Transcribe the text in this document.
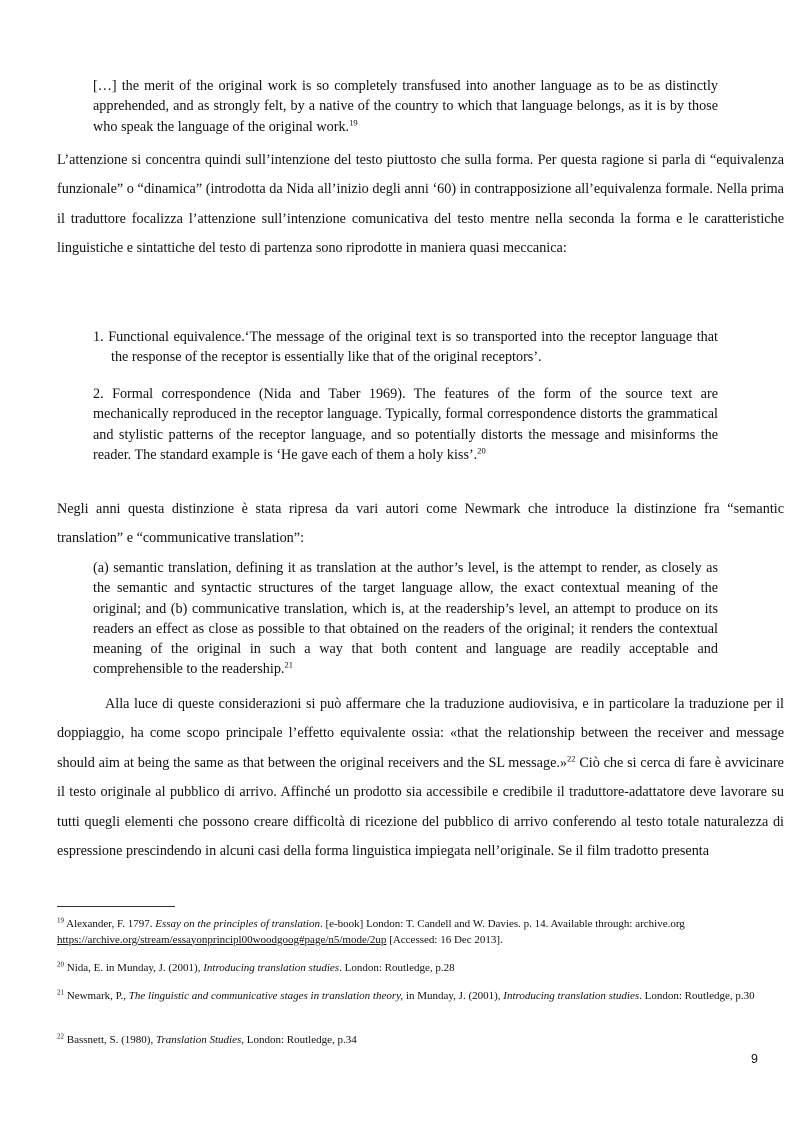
[…] the merit of the original work is so completely transfused into another language as to be as distinctly apprehended, and as strongly felt, by a native of the country to which that language belongs, as it is by those who speak the language of the original work.$^{19}$

L’attenzione si concentra quindi sull’intenzione del testo piuttosto che sulla forma. Per questa ragione si parla di “equivalenza funzionale” o “dinamica” (introdotta da Nida all’inizio degli anni ‘60) in contrapposizione all’equivalenza formale. Nella prima il traduttore focalizza l’attenzione sull’intenzione comunicativa del testo mentre nella seconda la forma e le caratteristiche linguistiche e sintattiche del testo di partenza sono riprodotte in maniera quasi meccanica:

1. Functional equivalence.‘The message of the original text is so transported into the receptor language that the response of the receptor is essentially like that of the original receptors’.

2. Formal correspondence (Nida and Taber 1969). The features of the form of the source text are mechanically reproduced in the receptor language. Typically, formal correspondence distorts the grammatical and stylistic patterns of the receptor language, and so potentially distorts the message and misinforms the reader. The standard example is ‘He gave each of them a holy kiss’.$^{20}$

Negli anni questa distinzione è stata ripresa da vari autori come Newmark che introduce la distinzione fra “semantic translation” e “communicative translation”:

(a) semantic translation, defining it as translation at the author’s level, is the attempt to render, as closely as the semantic and syntactic structures of the target language allow, the exact contextual meaning of the original; and (b) communicative translation, which is, at the readership’s level, an attempt to produce on its readers an effect as close as possible to that obtained on the readers of the original; it renders the contextual meaning of the original in such a way that both content and language are readily acceptable and comprehensible to the readership.$^{21}$

Alla luce di queste considerazioni si può affermare che la traduzione audiovisiva, e in particolare la traduzione per il doppiaggio, ha come scopo principale l’effetto equivalente ossia: «that the relationship between the receiver and message should aim at being the same as that between the original receivers and the SL message.»$^{22}$ Ciò che si cerca di fare è avvicinare il testo originale al pubblico di arrivo. Affinché un prodotto sia accessibile e credibile il traduttore-adattatore deve lavorare su tutti quegli elementi che possono creare difficoltà di ricezione del pubblico di arrivo conferendo al testo totale naturalezza di espressione prescindendo in alcuni casi della forma linguistica impiegata nell’originale. Se il film tradotto presenta

$^{19}$ Alexander, F. 1797. Essay on the principles of translation. [e-book] London: T. Candell and W. Davies. p. 14. Available through: archive.org https://archive.org/stream/essayonprincipl00woodgoog#page/n5/mode/2up [Accessed: 16 Dec 2013].

$^{20}$ Nida, E. in Munday, J. (2001), Introducing translation studies. London: Routledge, p.28

$^{21}$ Newmark, P., The linguistic and communicative stages in translation theory, in Munday, J. (2001), Introducing translation studies. London: Routledge, p.30

$^{22}$ Bassnett, S. (1980), Translation Studies, London: Routledge, p.34

9
